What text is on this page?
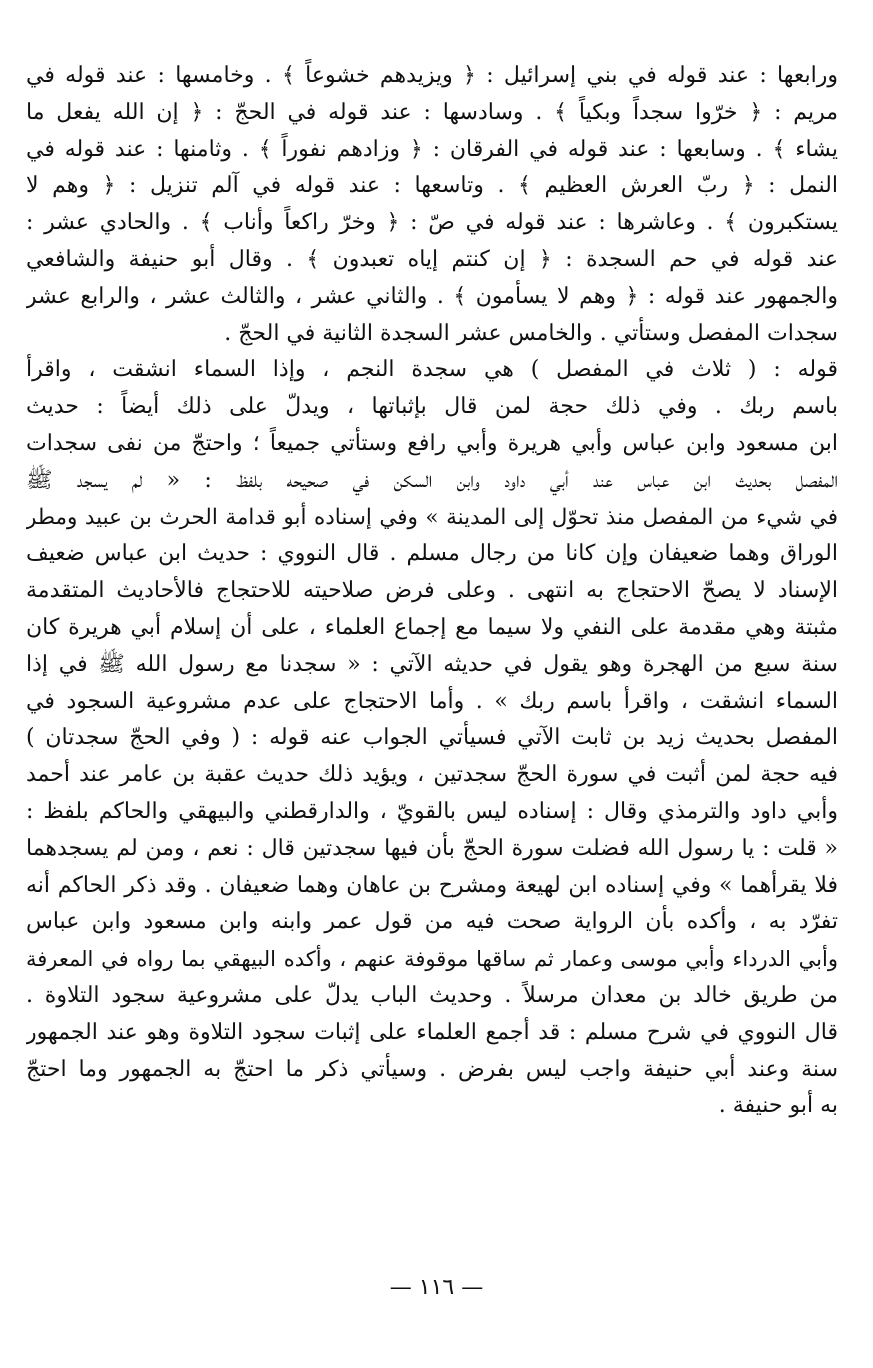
ورابعها : عند قوله في بني إسرائيل : ﴿ ويزيدهم خشوعاً ﴾ . وخامسها : عند قوله في
مريم : ﴿ خرّوا سجداً وبكياً ﴾ . وسادسها : عند قوله في الحجّ : ﴿ إن الله يفعل ما
يشاء ﴾ . وسابعها : عند قوله في الفرقان : ﴿ وزادهم نفوراً ﴾ . وثامنها : عند قوله في
النمل : ﴿ ربّ العرش العظيم ﴾ . وتاسعها : عند قوله في آلم تنزيل : ﴿ وهم لا
يستكبرون ﴾ . وعاشرها : عند قوله في صّ : ﴿ وخرّ راكعاً وأناب ﴾ . والحادي عشر :
عند قوله في حم السجدة : ﴿ إن كنتم إياه تعبدون ﴾ . وقال أبو حنيفة والشافعي
والجمهور عند قوله : ﴿ وهم لا يسأمون ﴾ . والثاني عشر ، والثالث عشر ، والرابع عشر
سجدات المفصل وستأتي . والخامس عشر السجدة الثانية في الحجّ .
قوله : ( ثلاث في المفصل ) هي سجدة النجم ، وإذا السماء انشقت ، واقرأ
باسم ربك . وفي ذلك حجة لمن قال بإثباتها ، ويدلّ على ذلك أيضاً : حديث
ابن مسعود وابن عباس وأبي هريرة وأبي رافع وستأتي جميعاً ؛ واحتجّ من نفى سجدات
المفصل بحديث ابن عباس عند أبي داود وابن السكن في صحيحه بلفظ : « لم يسجد ﷺ
في شيء من المفصل منذ تحوّل إلى المدينة » وفي إسناده أبو قدامة الحرث بن عبيد ومطر
الوراق وهما ضعيفان وإن كانا من رجال مسلم . قال النووي : حديث ابن عباس ضعيف
الإسناد لا يصحّ الاحتجاج به انتهى . وعلى فرض صلاحيته للاحتجاج فالأحاديث المتقدمة
مثبتة وهي مقدمة على النفي ولا سيما مع إجماع العلماء ، على أن إسلام أبي هريرة كان
سنة سبع من الهجرة وهو يقول في حديثه الآتي : « سجدنا مع رسول الله ﷺ في إذا
السماء انشقت ، واقرأ باسم ربك » . وأما الاحتجاج على عدم مشروعية السجود في
المفصل بحديث زيد بن ثابت الآتي فسيأتي الجواب عنه قوله : ( وفي الحجّ سجدتان )
فيه حجة لمن أثبت في سورة الحجّ سجدتين ، ويؤيد ذلك حديث عقبة بن عامر عند أحمد
وأبي داود والترمذي وقال : إسناده ليس بالقويّ ، والدارقطني والبيهقي والحاكم بلفظ :
« قلت : يا رسول الله فضلت سورة الحجّ بأن فيها سجدتين قال : نعم ، ومن لم يسجدهما
فلا يقرأهما » وفي إسناده ابن لهيعة ومشرح بن عاهان وهما ضعيفان . وقد ذكر الحاكم أنه
تفرّد به ، وأكده بأن الرواية صحت فيه من قول عمر وابنه وابن مسعود وابن عباس
وأبي الدرداء وأبي موسى وعمار ثم ساقها موقوفة عنهم ، وأكده البيهقي بما رواه في المعرفة
من طريق خالد بن معدان مرسلاً . وحديث الباب يدلّ على مشروعية سجود التلاوة .
قال النووي في شرح مسلم : قد أجمع العلماء على إثبات سجود التلاوة وهو عند الجمهور
سنة وعند أبي حنيفة واجب ليس بفرض . وسيأتي ذكر ما احتجّ به الجمهور وما احتجّ
به أبو حنيفة .
— ١١٦ —
